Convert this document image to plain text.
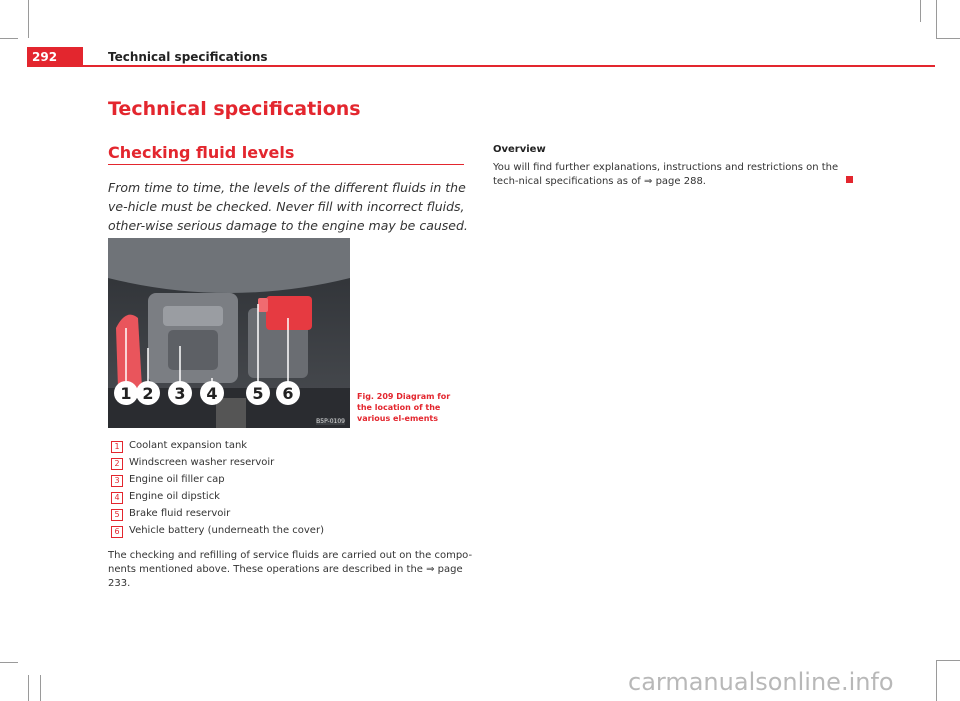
292	Technical specifications
Technical specifications
Checking fluid levels
From time to time, the levels of the different fluids in the ve-hicle must be checked. Never fill with incorrect fluids, other-wise serious damage to the engine may be caused.
1 2 3 4 5 6
B5P-0109
Fig. 209 Diagram for the location of the various el-ements
1 Coolant expansion tank
2 Windscreen washer reservoir
3 Engine oil filler cap
4 Engine oil dipstick
5 Brake fluid reservoir
6 Vehicle battery (underneath the cover)
The checking and refilling of service fluids are carried out on the compo-nents mentioned above. These operations are described in the ⇒ page 233.
Overview
You will find further explanations, instructions and restrictions on the tech-nical specifications as of ⇒ page 288.
carmanualsonline.info
